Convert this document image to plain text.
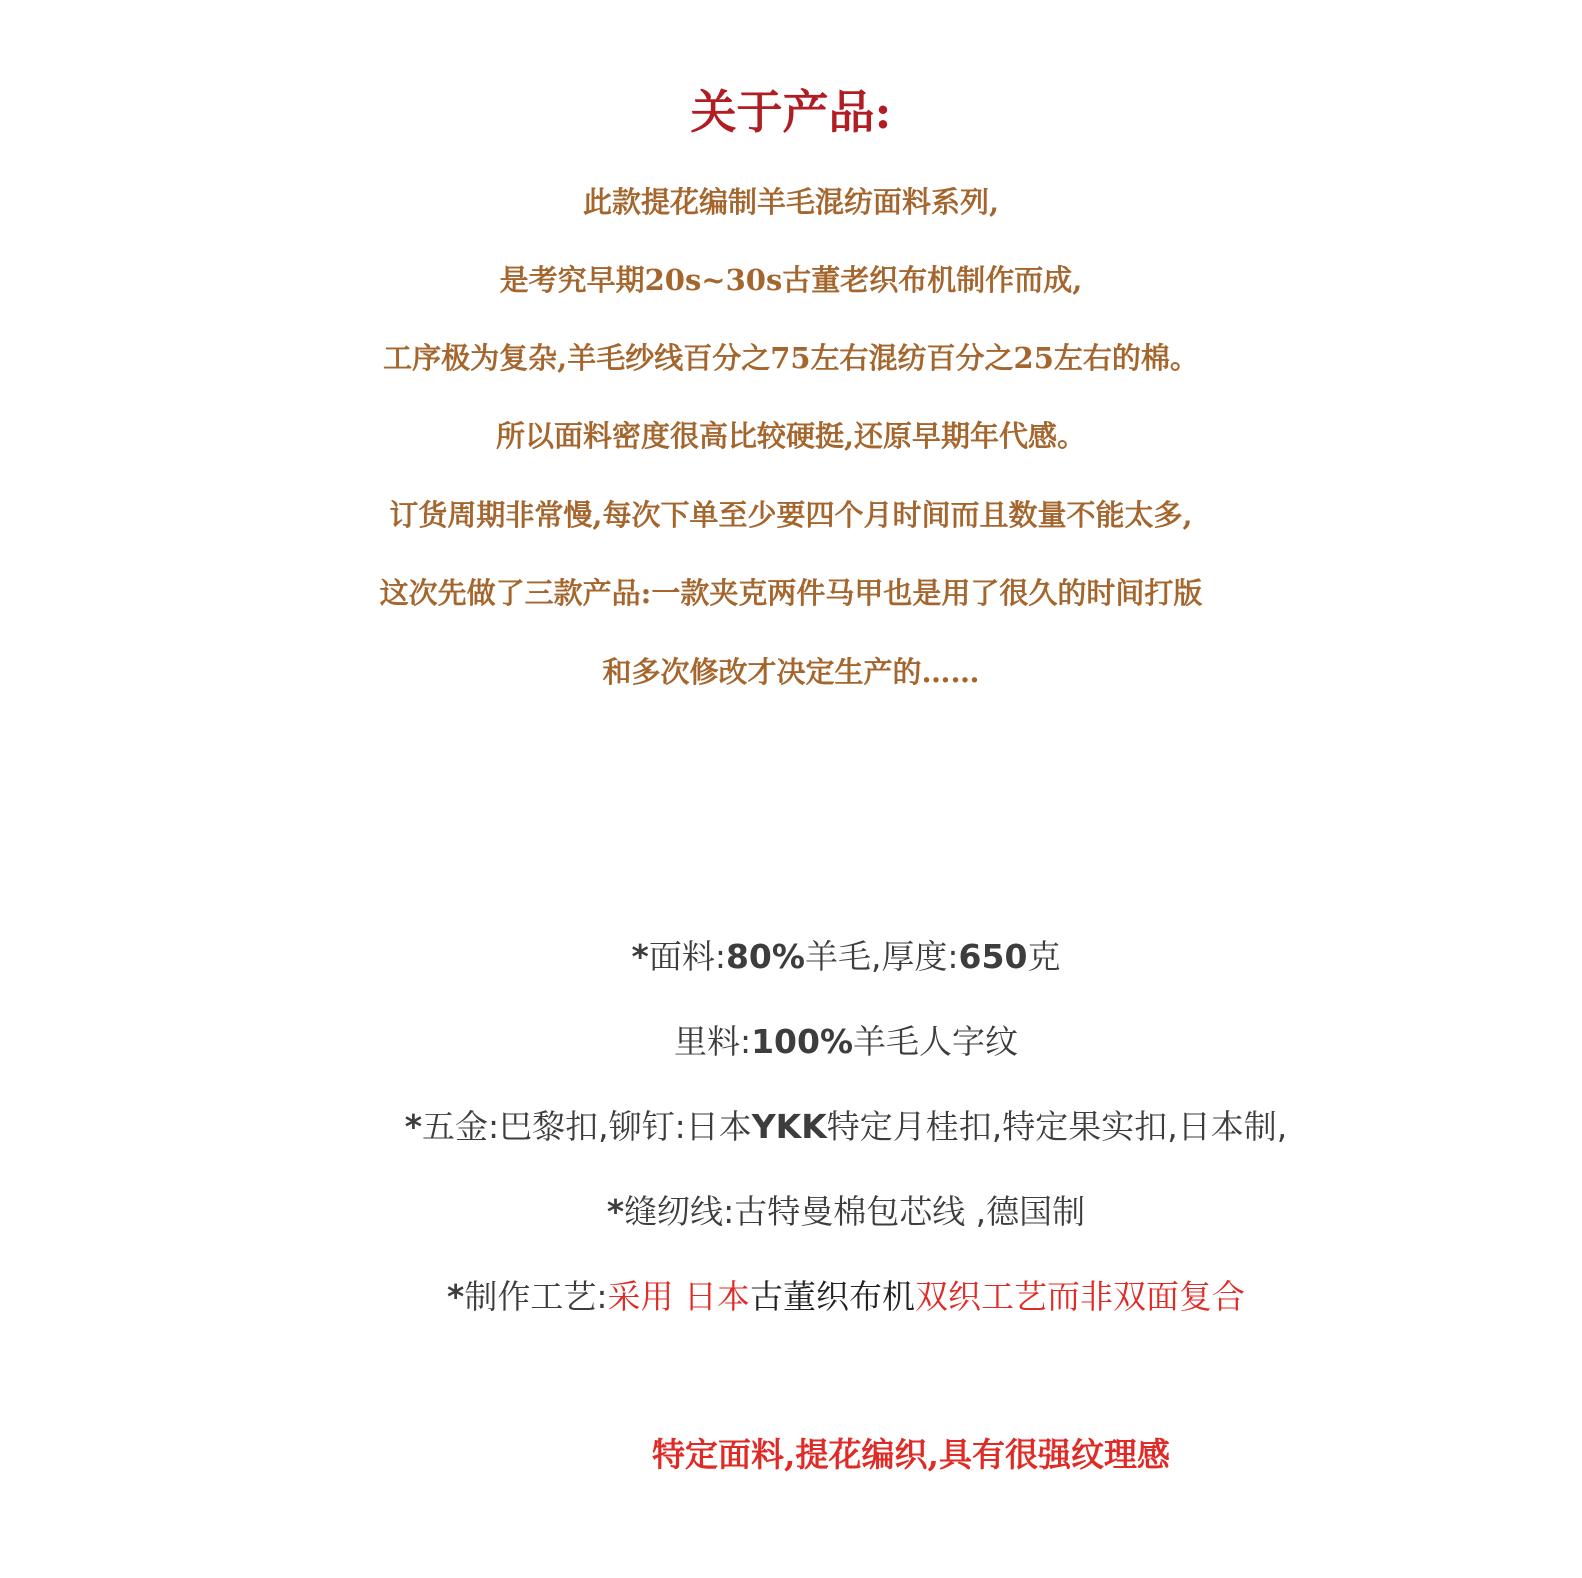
关于产品:
此款提花编制羊毛混纺面料系列,
是考究早期20s~30s古董老织布机制作而成,
工序极为复杂,羊毛纱线百分之75左右混纺百分之25左右的棉。
所以面料密度很高比较硬挺,还原早期年代感。
订货周期非常慢,每次下单至少要四个月时间而且数量不能太多,
这次先做了三款产品:一款夹克两件马甲也是用了很久的时间打版
和多次修改才决定生产的……
*面料:80%羊毛,厚度:650克
里料:100%羊毛人字纹
*五金:巴黎扣,铆钉:日本YKK特定月桂扣,特定果实扣,日本制,
*缝纫线:古特曼棉包芯线 ,德国制
*制作工艺:采用 日本古董织布机双织工艺而非双面复合
特定面料,提花编织,具有很强纹理感
